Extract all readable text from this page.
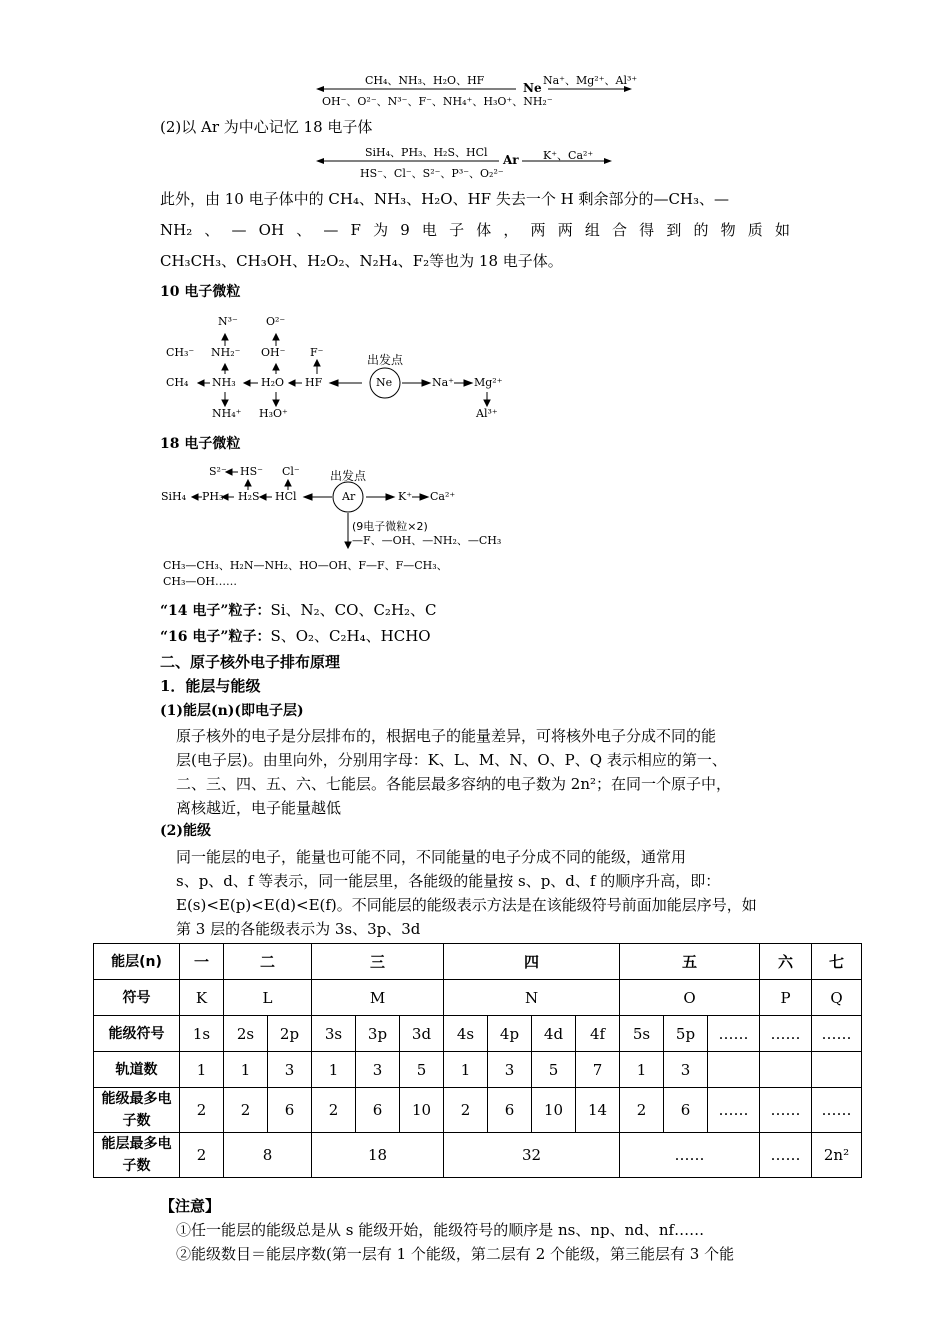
CH₄、NH₃、H₂O、HF
OH⁻、O²⁻、N³⁻、F⁻、NH₄⁺、H₃O⁺、NH₂⁻
Ne
Na⁺、Mg²⁺、Al³⁺
(2)以 Ar 为中心记忆 18 电子体
SiH₄、PH₃、H₂S、HCl
HS⁻、Cl⁻、S²⁻、P³⁻、O₂²⁻
Ar K⁺、Ca²⁺
此外，由 10 电子体中的 CH₄、NH₃、H₂O、HF 失去一个 H 剩余部分的—CH₃、—
NH₂ 、 — OH 、 — F 为 9 电 子 体 ， 两 两 组 合 得 到 的 物 质 如
CH₃CH₃、CH₃OH、H₂O₂、N₂H₄、F₂等也为 18 电子体。
10 电子微粒
N³⁻	O²⁻
CH₃⁻ NH₂⁻ OH⁻ F⁻
出发点
CH₄ NH₃ H₂O HF	Ne	Na⁺ Mg²⁺
NH₄⁺ H₃O⁺	Al³⁺
18 电子微粒
S²⁻ HS⁻ Cl⁻	出发点
SiH₄ PH₃ H₂S HCl	Ar	K⁺ Ca²⁺
(9电子微粒×2)
—F、—OH、—NH₂、—CH₃
CH₃—CH₃、H₂N—NH₂、HO—OH、F—F、F—CH₃、
CH₃—OH……
“14 电子”粒子：Si、N₂、CO、C₂H₂、C
“16 电子”粒子：S、O₂、C₂H₄、HCHO
二、原子核外电子排布原理
1．能层与能级
(1)能层(n)(即电子层)
原子核外的电子是分层排布的，根据电子的能量差异，可将核外电子分成不同的能
层(电子层)。由里向外，分别用字母：K、L、M、N、O、P、Q 表示相应的第一、
二、三、四、五、六、七能层。各能层最多容纳的电子数为 2n²；在同一个原子中，
离核越近，电子能量越低
(2)能级
同一能层的电子，能量也可能不同，不同能量的电子分成不同的能级，通常用
s、p、d、f 等表示，同一能层里，各能级的能量按 s、p、d、f 的顺序升高，即：
E(s)<E(p)<E(d)<E(f)。不同能层的能级表示方法是在该能级符号前面加能层序号，如
第 3 层的各能级表示为 3s、3p、3d
能层(n)	一	二		三			四				五			六	七
符号	K	L		M			N				O			P	Q
能级符号	1s	2s	2p	3s	3p	3d	4s	4p	4d	4f	5s	5p	……	……	……
轨道数	1	1	3	1	3	5	1	3	5	7	1	3			
能级最多电子数	2	2	6	2	6	10	2	6	10	14	2	6	……	……	……
能层最多电子数	2	8		18			32				……			……	2n²
【注意】
①任一能层的能级总是从 s 能级开始，能级符号的顺序是 ns、np、nd、nf……
②能级数目＝能层序数(第一层有 1 个能级，第二层有 2 个能级，第三能层有 3 个能
